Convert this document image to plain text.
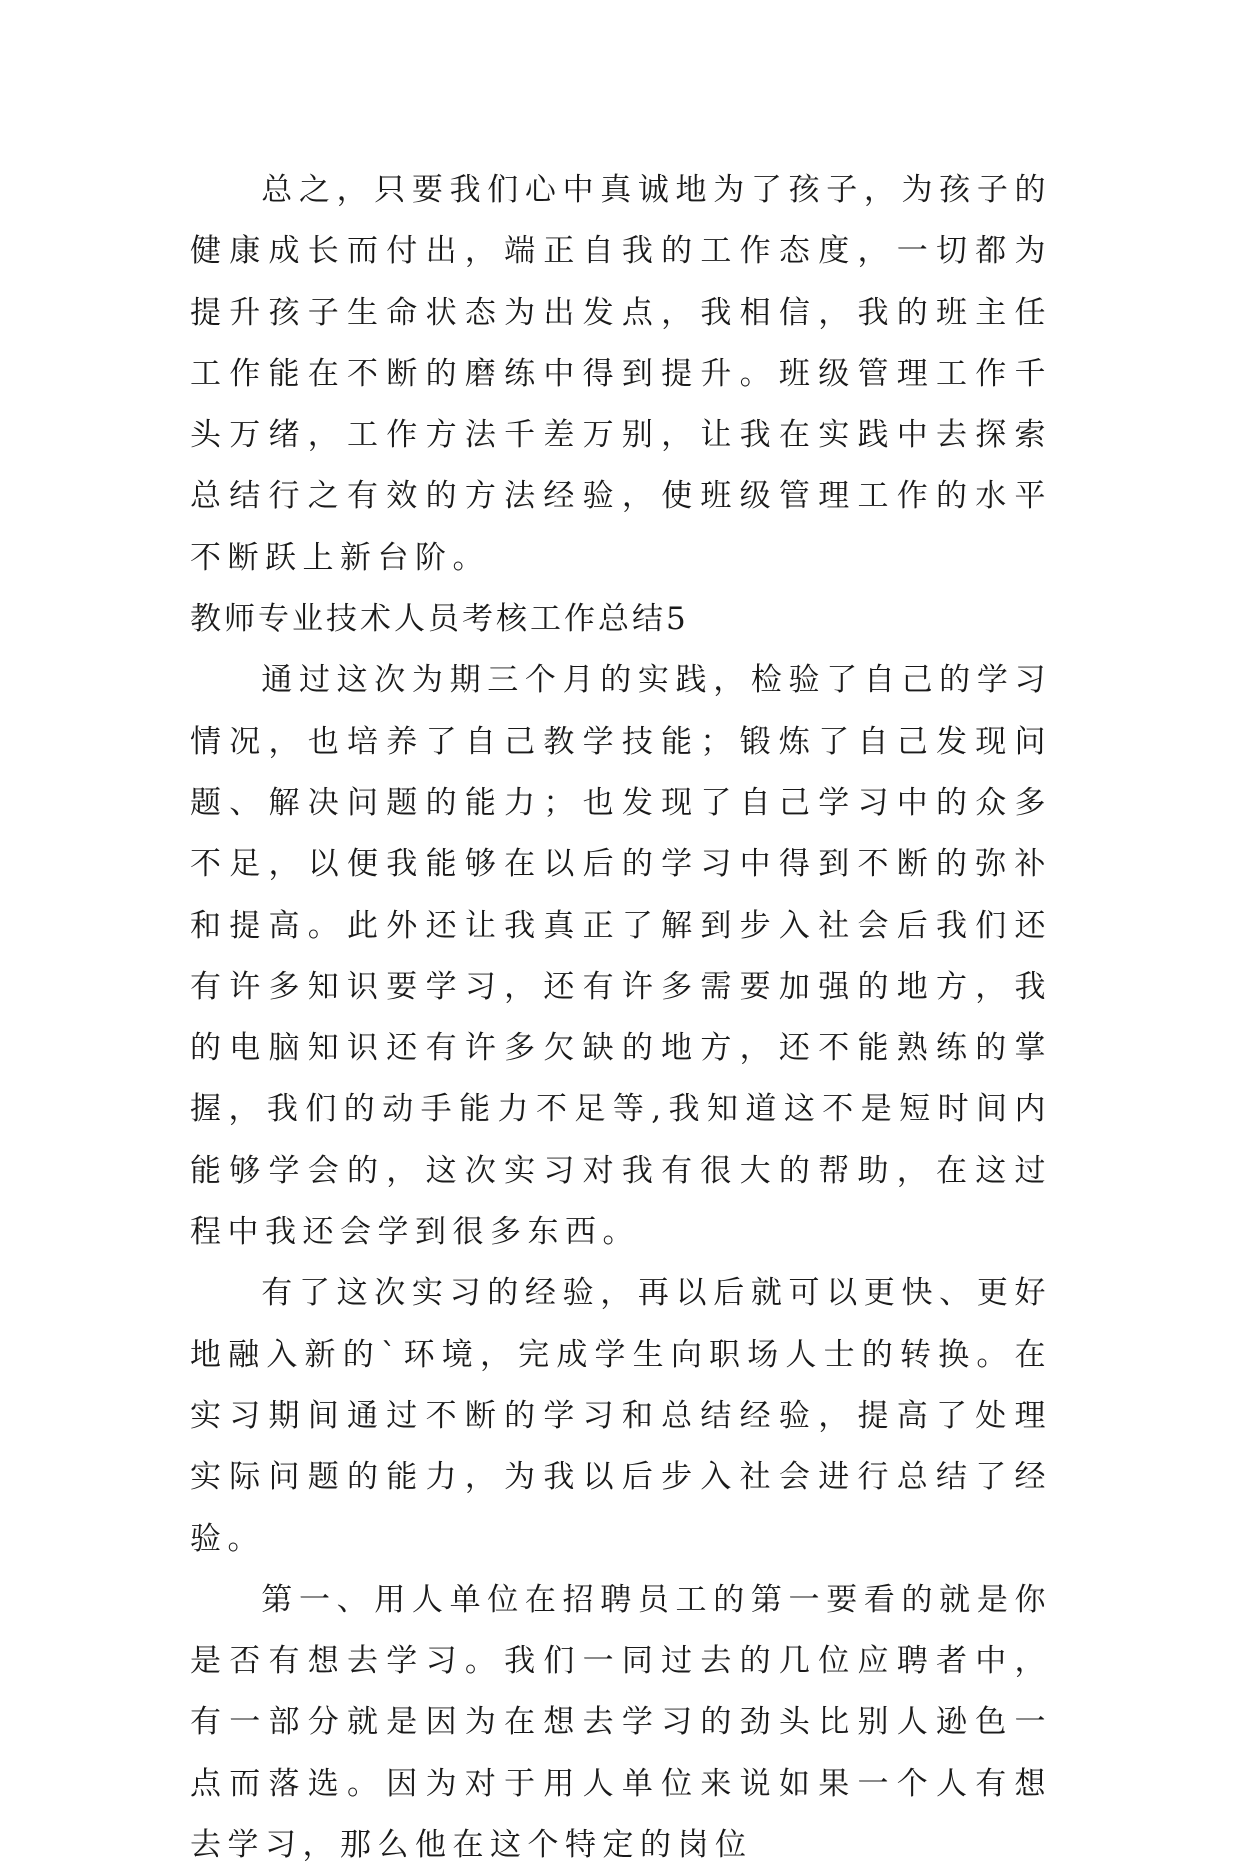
总之，只要我们心中真诚地为了孩子，为孩子的健康成长而付出，端正自我的工作态度，一切都为提升孩子生命状态为出发点，我相信，我的班主任工作能在不断的磨练中得到提升。班级管理工作千头万绪，工作方法千差万别，让我在实践中去探索总结行之有效的方法经验，使班级管理工作的水平不断跃上新台阶。

教师专业技术人员考核工作总结5

通过这次为期三个月的实践，检验了自己的学习情况，也培养了自己教学技能；锻炼了自己发现问题、解决问题的能力；也发现了自己学习中的众多不足，以便我能够在以后的学习中得到不断的弥补和提高。此外还让我真正了解到步入社会后我们还有许多知识要学习，还有许多需要加强的地方，我的电脑知识还有许多欠缺的地方，还不能熟练的掌握，我们的动手能力不足等,我知道这不是短时间内能够学会的，这次实习对我有很大的帮助，在这过程中我还会学到很多东西。

有了这次实习的经验，再以后就可以更快、更好地融入新的`环境，完成学生向职场人士的转换。在实习期间通过不断的学习和总结经验，提高了处理实际问题的能力，为我以后步入社会进行总结了经验。

第一、用人单位在招聘员工的第一要看的就是你是否有想去学习。我们一同过去的几位应聘者中，有一部分就是因为在想去学习的劲头比别人逊色一点而落选。因为对于用人单位来说如果一个人有想去学习，那么他在这个特定的岗位
